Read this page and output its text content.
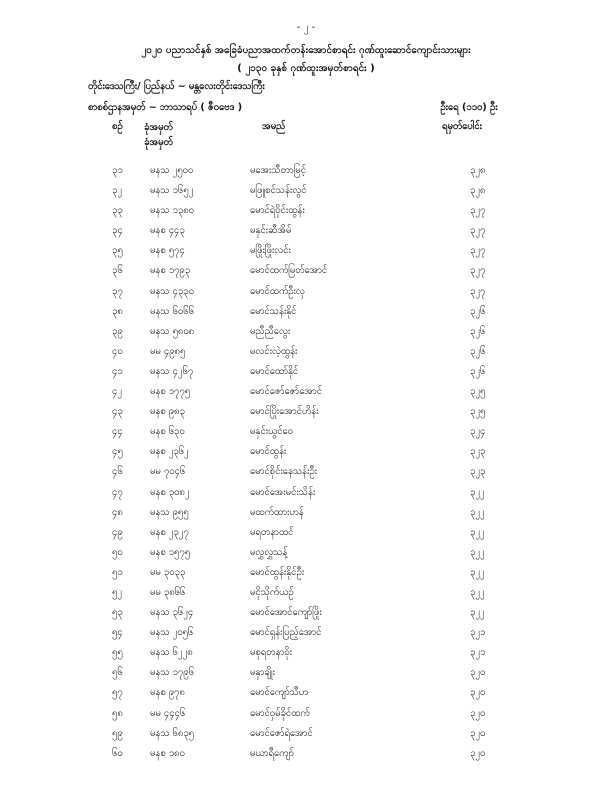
- ၂ -
၂၀၂၀ ပညာသင်နှစ် အခြေခံပညာအထက်တန်းအောင်စာရင်း ဂုဏ်ထူးဆောင်ကျောင်းသားများ
( ၂၁၃၀ ခုနှစ် ဂုဏ်ထူးအမှတ်စာရင်း )
တိုင်းဒေသကြီး/ ပြည်နယ် ~ မန္တလေးတိုင်းဒေသကြီး
စာစစ်ဌာနအမှတ် ~ ဘာသာရပ် ( ဇီဝဗေဒ )	ဦးရေ (၁၁၀) ဦး
စဉ် ခုံအမှတ်
ခုံအမှတ်
အမည်	ရမှတ်ပေါင်း
၃၁	မနသ ၂၅၀၀	မအေးသီတာမြင့်	၃၂၈
၃၂	မနသ ၁၆၅၂	မဖြူစင်သန်းလွင်	၃၂၈
၃၃	မနသ ၁၃၈၀	မောင်ရဲဝိုင်းထွန်း	၃၂၇
၃၄	မနစ ၄၄၃	မနှင်းဆီအိမ်	၃၂၇
၃၅	မနစ ၅၇၄	မဖြိုးဖြိုးလင်း	၃၂၇
၃၆	မနစ ၁၇၉၃	မောင်ထက်မြတ်အောင်	၃၂၇
၃၇	မနသ ၄၃၃၀	မောင်ထက်ဦးလှ	၃၂၇
၃၈	မနသ ၆၀၆၆	မောင်သန်းနိုင်	၃၂၆
၃၉	မနသ ၅၈၀၈	မညီညီလွေး	၃၂၆
၄၀	မမ ၄၉၈၅	မလင်းလဲ့ထွန်း	၃၂၆
၄၁	မနသ ၄၂၆၇	မောင်ထော်နိုင်	၃၂၆
၄၂	မနစ ၁၇၇၅	မောင်ဇော်ဇော်အောင်	၃၂၅
၄၃	မနစ ၉၈၃	မောင်ပြိုးအောင်ဟိန်း	၃၂၅
၄၄	မနစ ၆၃၀	မနှင်းယွင်ဝေ	၃၂၄
၄၅	မနစ ၂၃၆၂	မောင်ထွန်း	၃၂၃
၄၆	မမ ၇၀၄၆	မောင်စိုင်းနေသန်းဦး	၃၂၃
၄၇	မနစ ၃၀၈၂	မောင်အေးမင်းသိန်း	၃၂၂
၄၈	မနသ ၉၅၅	မထက်ထားဟန်	၃၂၂
၄၉	မနစ ၂၃၂၇	မရတနာထင်	၃၂၂
၅၀	မနစ ၁၅၇၅	မလွှလွှသန့်	၃၂၂
၅၁	မမ ၃၀၃၃	မောင်ထွန်းနိုင်ဦး	၃၂၂
၅၂	မမ ၃၈၆၆	မငိုသိုက်ယဉ်	၃၂၂
၅၃	မနသ ၃၆၂၄	မောင်အောင်ကျော်ဖြိုး	၃၂၂
၅၄	မနသ ၂၀၅၆	မောင်ရှန်းပြည့်အောင်	၃၂၁
၅၅	မနသ ၆၂၂၈	မစုရတနာဝိုး	၃၂၁
၅၆	မနသ ၁၇၉၆	မနှာချိုး	၃၂၀
၅၇	မနစ ၉၇၈	မောင်ကျော်သီဟ	၃၂၀
၅၈	မမ ၄၄၄၆	မောင်ဝှမ်ခိုင်ထက်	၃၂၀
၅၉	မနသ ၆၈၃၅	မောင်ဇော်ရဲအောင်	၃၂၀
၆၀	မနစ ၁၈၀	မယာရီကျော်	၃၂၀
